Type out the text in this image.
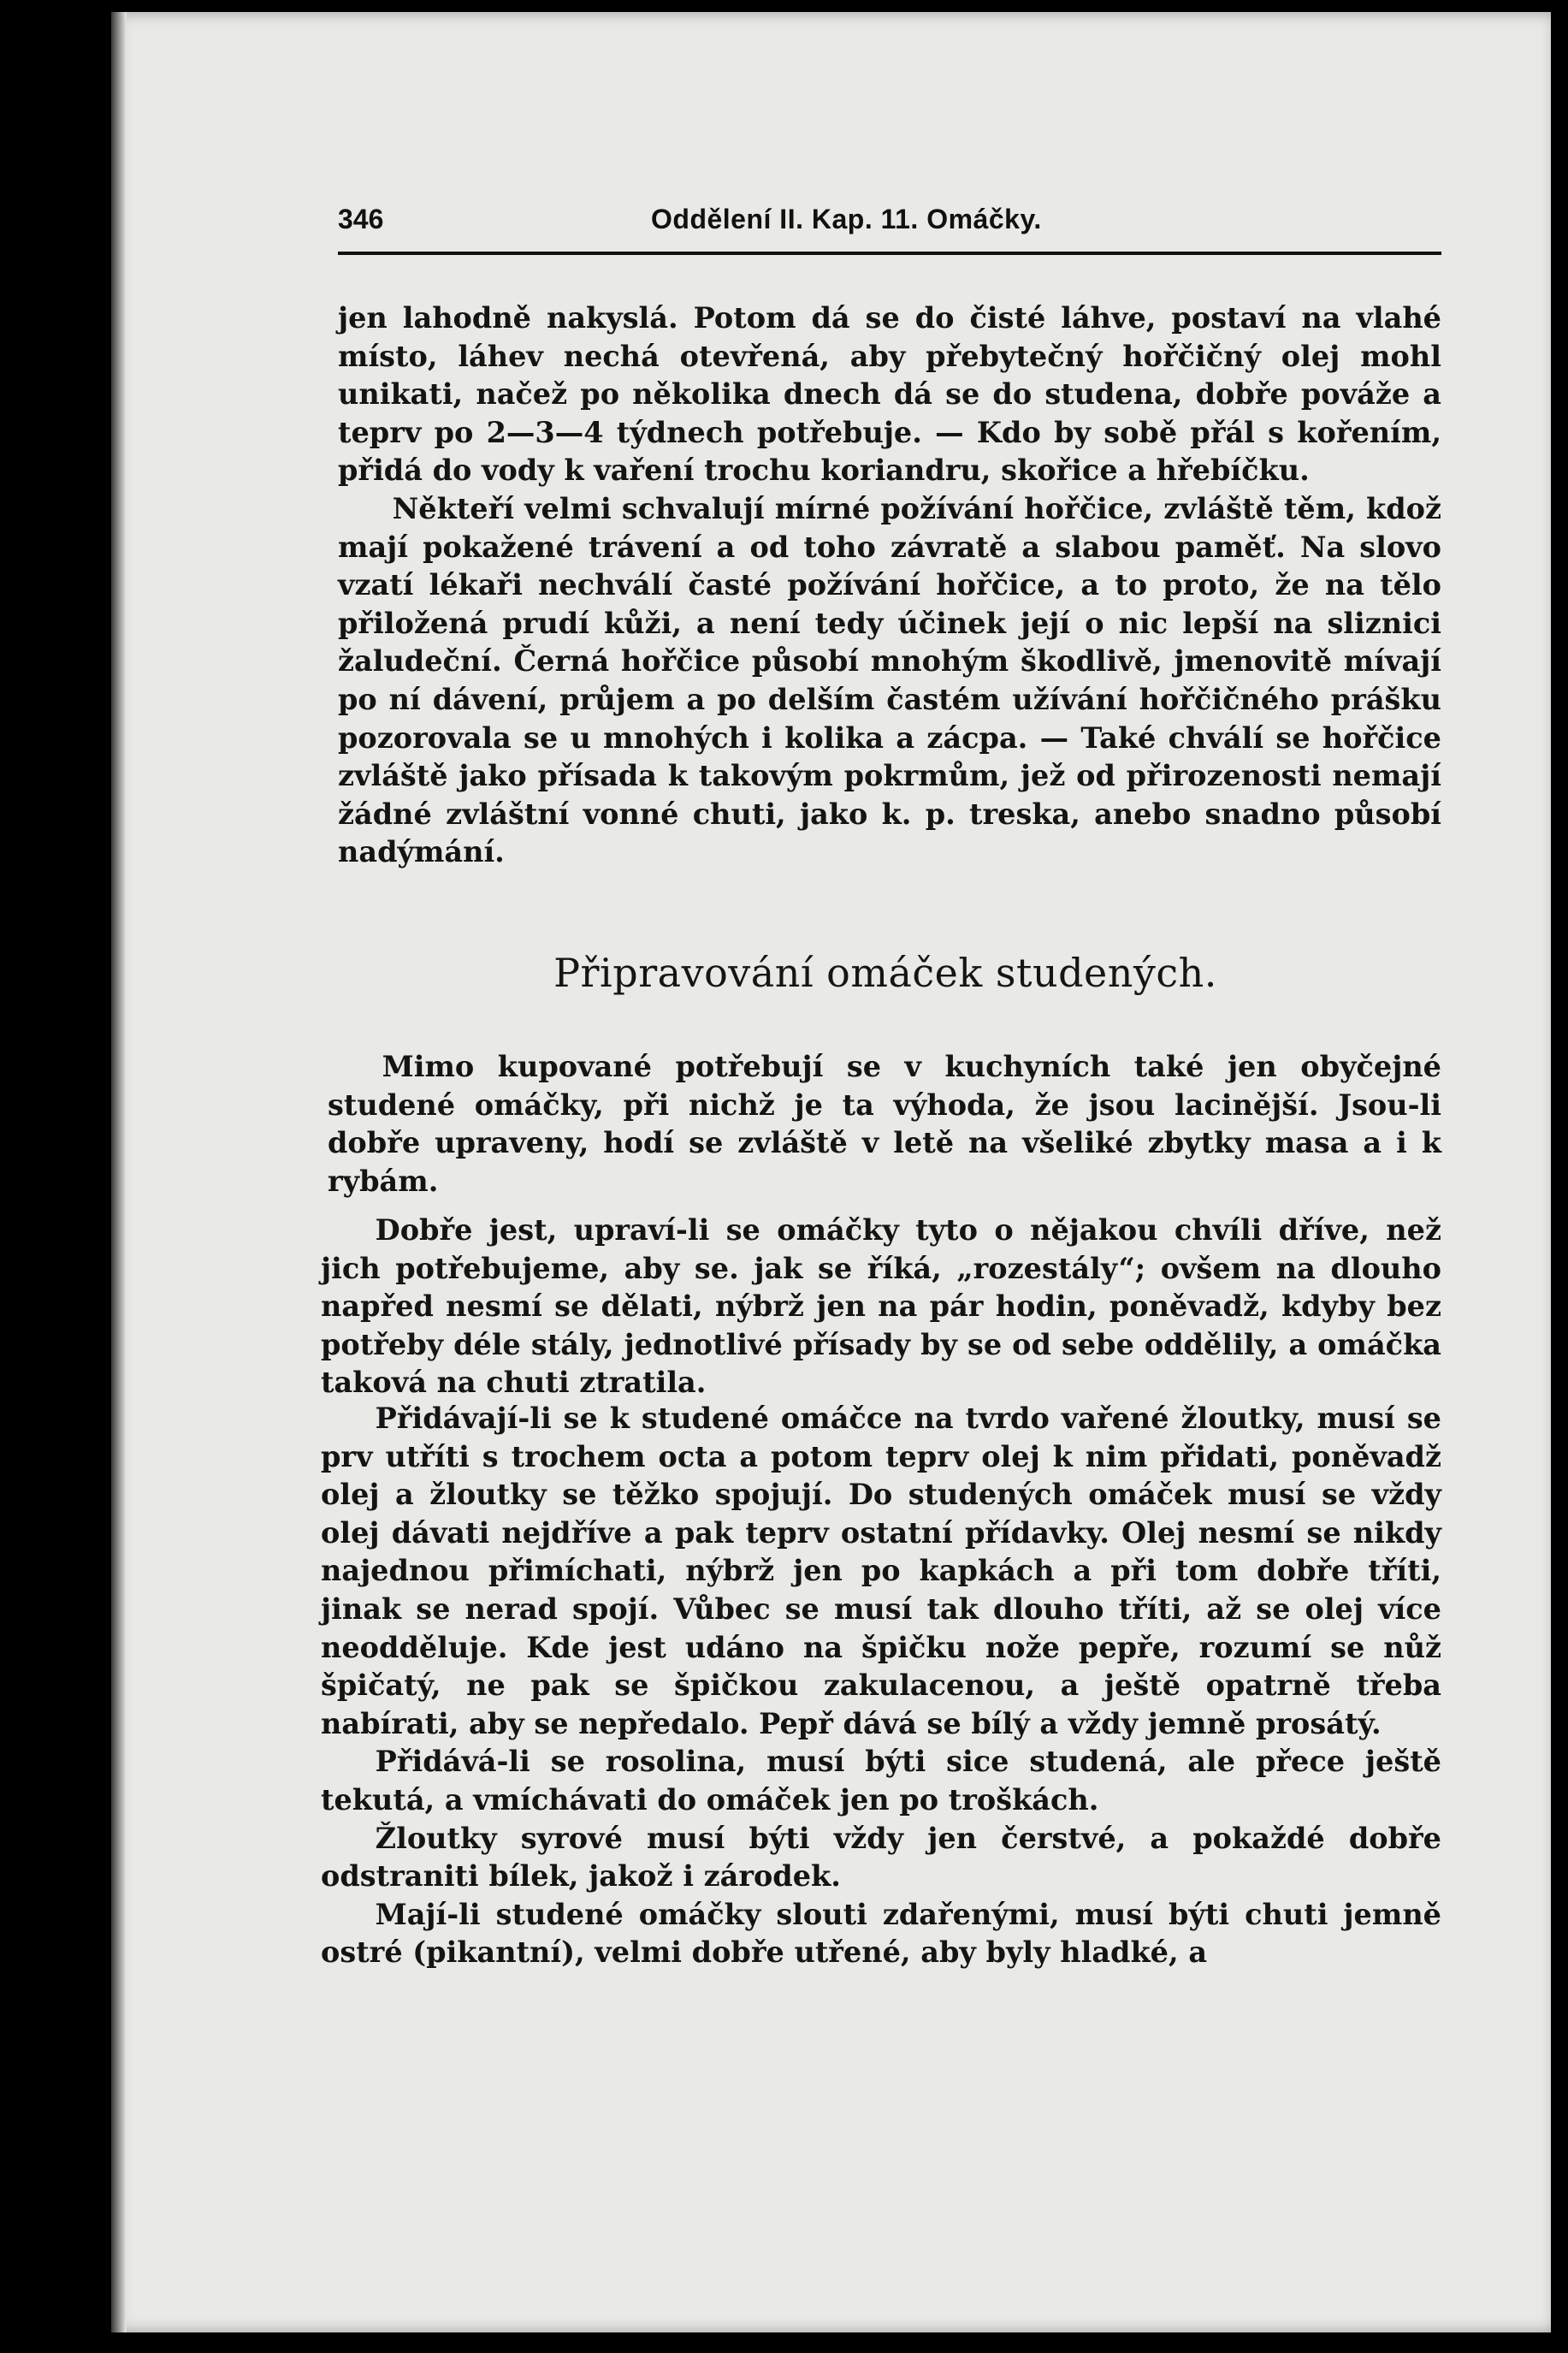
346	Oddělení II. Kap. 11. Omáčky.

jen lahodně nakyslá. Potom dá se do čisté láhve, postaví na vlahé místo, láhev nechá otevřená, aby přebytečný hořčičný olej mohl unikati, načež po několika dnech dá se do studena, dobře pováže a teprv po 2—3—4 týdnech potřebuje. — Kdo by sobě přál s kořením, přidá do vody k vaření trochu koriandru, skořice a hřebíčku.

Někteří velmi schvalují mírné požívání hořčice, zvláště těm, kdož mají pokažené trávení a od toho závratě a slabou paměť. Na slovo vzatí lékaři nechválí časté požívání hořčice, a to proto, že na tělo přiložená prudí kůži, a není tedy účinek její o nic lepší na sliznici žaludeční. Černá hořčice působí mnohým škodlivě, jmenovitě mívají po ní dávení, průjem a po delším častém užívání hořčičného prášku pozorovala se u mnohých i kolika a zácpa. — Také chválí se hořčice zvláště jako přísada k takovým pokrmům, jež od přirozenosti nemají žádné zvláštní vonné chuti, jako k. p. treska, anebo snadno působí nadýmání.

Připravování omáček studených.

Mimo kupované potřebují se v kuchyních také jen obyčejné studené omáčky, při nichž je ta výhoda, že jsou lacinější. Jsou-li dobře upraveny, hodí se zvláště v letě na všeliké zbytky masa a i k rybám.

Dobře jest, upraví-li se omáčky tyto o nějakou chvíli dříve, než jich potřebujeme, aby se. jak se říká, „rozestály“; ovšem na dlouho napřed nesmí se dělati, nýbrž jen na pár hodin, poněvadž, kdyby bez potřeby déle stály, jednotlivé přísady by se od sebe oddělily, a omáčka taková na chuti ztratila.

Přidávají-li se k studené omáčce na tvrdo vařené žloutky, musí se prv utříti s trochem octa a potom teprv olej k nim přidati, poněvadž olej a žloutky se těžko spojují. Do studených omáček musí se vždy olej dávati nejdříve a pak teprv ostatní přídavky. Olej nesmí se nikdy najednou přimíchati, nýbrž jen po kapkách a při tom dobře tříti, jinak se nerad spojí. Vůbec se musí tak dlouho tříti, až se olej více neodděluje. Kde jest udáno na špičku nože pepře, rozumí se nůž špičatý, ne pak se špičkou zakulacenou, a ještě opatrně třeba nabírati, aby se nepředalo. Pepř dává se bílý a vždy jemně prosátý.

Přidává-li se rosolina, musí býti sice studená, ale přece ještě tekutá, a vmíchávati do omáček jen po troškách.

Žloutky syrové musí býti vždy jen čerstvé, a pokaždé dobře odstraniti bílek, jakož i zárodek.

Mají-li studené omáčky slouti zdařenými, musí býti chuti jemně ostré (pikantní), velmi dobře utřené, aby byly hladké, a
